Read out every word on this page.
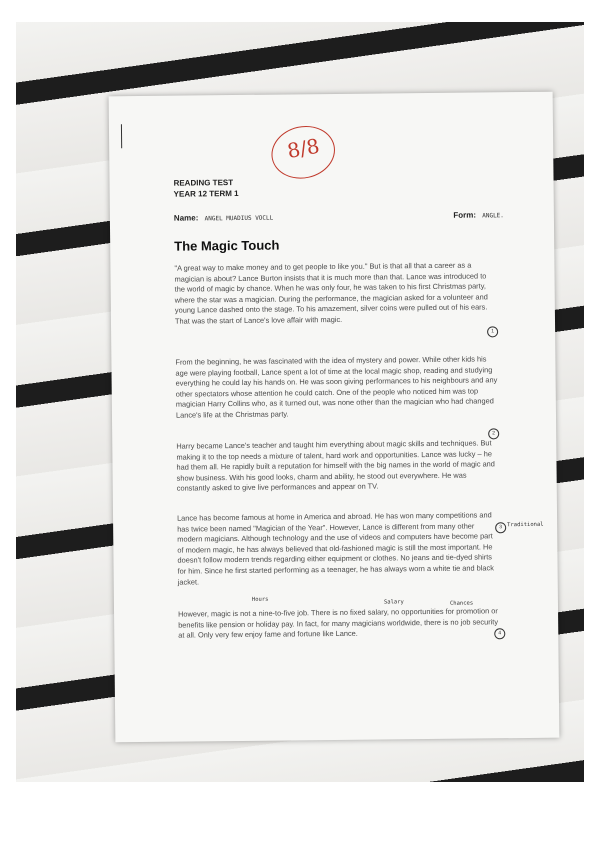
8/8
READING TEST
YEAR 12 TERM 1
Name: ANGEL MUADIUS VOCLL	Form: ANGLE.
The Magic Touch
"A great way to make money and to get people to like you." But is that all that a career as a magician is about? Lance Burton insists that it is much more than that. Lance was introduced to the world of magic by chance. When he was only four, he was taken to his first Christmas party, where the star was a magician. During the performance, the magician asked for a volunteer and young Lance dashed onto the stage. To his amazement, silver coins were pulled out of his ears. That was the start of Lance's love affair with magic.
1
From the beginning, he was fascinated with the idea of mystery and power. While other kids his age were playing football, Lance spent a lot of time at the local magic shop, reading and studying everything he could lay his hands on. He was soon giving performances to his neighbours and any other spectators whose attention he could catch. One of the people who noticed him was top magician Harry Collins who, as it turned out, was none other than the magician who had changed Lance's life at the Christmas party.
Harry became Lance's teacher and taught him everything about magic skills and techniques. But making it to the top needs a mixture of talent, hard work and opportunities. Lance was lucky – he had them all. He rapidly built a reputation for himself with the big names in the world of magic and show business. With his good looks, charm and ability, he stood out everywhere. He was constantly asked to give live performances and appear on TV.
2
Lance has become famous at home in America and abroad. He has won many competitions and has twice been named "Magician of the Year". However, Lance is different from many other modern magicians. Although technology and the use of videos and computers have become part of modern magic, he has always believed that old-fashioned magic is still the most important. He doesn't follow modern trends regarding either equipment or clothes. No jeans and tie-dyed shirts for him. Since he first started performing as a teenager, he has always worn a white tie and black jacket.
3 Traditional
Hours	Salary	Chances
However, magic is not a nine-to-five job. There is no fixed salary, no opportunities for promotion or benefits like pension or holiday pay. In fact, for many magicians worldwide, there is no job security at all. Only very few enjoy fame and fortune like Lance.	4
